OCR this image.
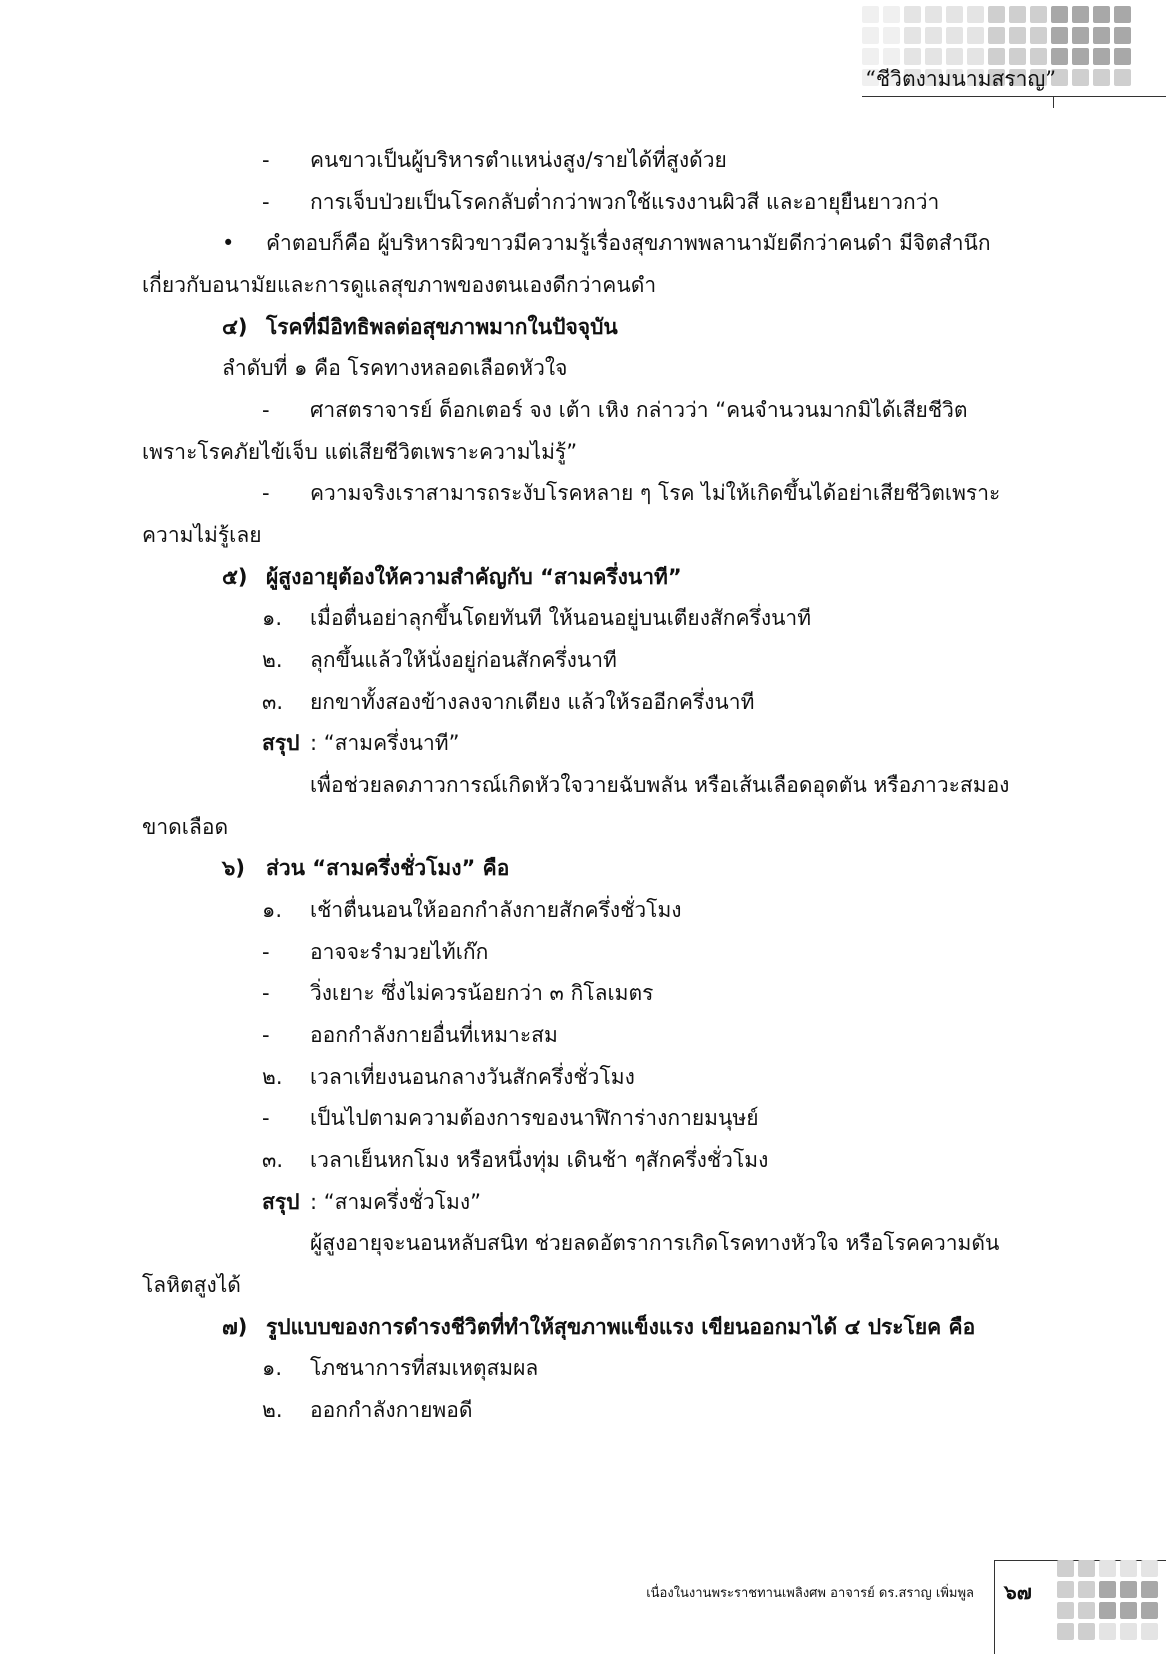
“ชีวิตงามนามสราญ”
- คนขาวเป็นผู้บริหารตำแหน่งสูง/รายได้ที่สูงด้วย
- การเจ็บป่วยเป็นโรคกลับต่ำกว่าพวกใช้แรงงานผิวสี และอายุยืนยาวกว่า
• คำตอบก็คือ ผู้บริหารผิวขาวมีความรู้เรื่องสุขภาพพลานามัยดีกว่าคนดำ มีจิตสำนึก
เกี่ยวกับอนามัยและการดูแลสุขภาพของตนเองดีกว่าคนดำ
๔) โรคที่มีอิทธิพลต่อสุขภาพมากในปัจจุบัน
ลำดับที่ ๑ คือ โรคทางหลอดเลือดหัวใจ
- ศาสตราจารย์ ด็อกเตอร์ จง เต้า เหิง กล่าวว่า “คนจำนวนมากมิได้เสียชีวิต
เพราะโรคภัยไข้เจ็บ แต่เสียชีวิตเพราะความไม่รู้”
- ความจริงเราสามารถระงับโรคหลาย ๆ โรค ไม่ให้เกิดขึ้นได้อย่าเสียชีวิตเพราะ
ความไม่รู้เลย
๕) ผู้สูงอายุต้องให้ความสำคัญกับ “สามครึ่งนาที”
๑. เมื่อตื่นอย่าลุกขึ้นโดยทันที ให้นอนอยู่บนเตียงสักครึ่งนาที
๒. ลุกขึ้นแล้วให้นั่งอยู่ก่อนสักครึ่งนาที
๓. ยกขาทั้งสองข้างลงจากเตียง แล้วให้รออีกครึ่งนาที
สรุป : “สามครึ่งนาที”
เพื่อช่วยลดภาวการณ์เกิดหัวใจวายฉับพลัน หรือเส้นเลือดอุดตัน หรือภาวะสมอง
ขาดเลือด
๖) ส่วน “สามครึ่งชั่วโมง” คือ
๑. เช้าตื่นนอนให้ออกกำลังกายสักครึ่งชั่วโมง
- อาจจะรำมวยไท้เก๊ก
- วิ่งเยาะ ซึ่งไม่ควรน้อยกว่า ๓ กิโลเมตร
- ออกกำลังกายอื่นที่เหมาะสม
๒. เวลาเที่ยงนอนกลางวันสักครึ่งชั่วโมง
- เป็นไปตามความต้องการของนาฬิการ่างกายมนุษย์
๓. เวลาเย็นหกโมง หรือหนึ่งทุ่ม เดินช้า ๆสักครึ่งชั่วโมง
สรุป : “สามครึ่งชั่วโมง”
ผู้สูงอายุจะนอนหลับสนิท ช่วยลดอัตราการเกิดโรคทางหัวใจ หรือโรคความดัน
โลหิตสูงได้
๗) รูปแบบของการดำรงชีวิตที่ทำให้สุขภาพแข็งแรง เขียนออกมาได้ ๔ ประโยค คือ
๑. โภชนาการที่สมเหตุสมผล
๒. ออกกำลังกายพอดี
เนื่องในงานพระราชทานเพลิงศพ อาจารย์ ดร.สราญ เพิ่มพูล ๖๗
